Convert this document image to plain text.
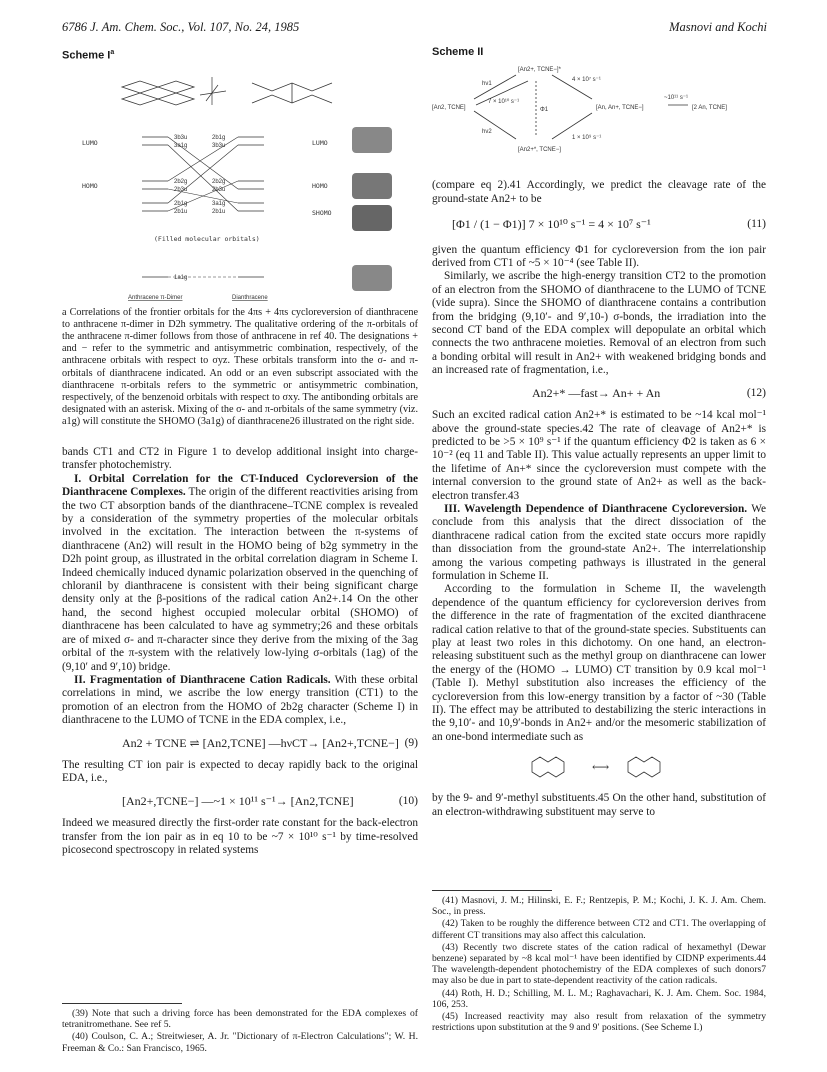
6786 J. Am. Chem. Soc., Vol. 107, No. 24, 1985	Masnovi and Kochi
Scheme $I^a$
LUMO
HOMO
LUMO
HOMO
SHOMO
3b3u
3a1g
2b2g
2b3u
2b1g
2b1u
2b1g
3b3u
2b2g
2b3u
3a1g
2b1u
1a1g
(Filled molecular orbitals)
Anthracene π-Dimer	Dianthracene
a Correlations of the frontier orbitals for the 4πs + 4πs cycloreversion of dianthracene to anthracene π-dimer in D2h symmetry. The qualitative ordering of the π-orbitals of the anthracene π-dimer follows from those of anthracene in ref 40. The designations + and − refer to the symmetric and antisymmetric combination, respectively, of the anthracene orbitals with respect to σyz. These orbitals transform into the σ- and π-orbitals of dianthracene indicated. An odd or an even subscript associated with the dianthracene π-orbitals refers to the symmetric or antisymmetric combination, respectively, of the benzenoid orbitals with respect to σxy. The antibonding orbitals are designated with an asterisk. Mixing of the σ- and π-orbitals of the same symmetry (viz. a1g) will constitute the SHOMO (3a1g) of dianthracene26 illustrated on the right side.

bands CT1 and CT2 in Figure 1 to develop additional insight into charge-transfer photochemistry.

I. Orbital Correlation for the CT-Induced Cycloreversion of the Dianthracene Complexes. The origin of the different reactivities arising from the two CT absorption bands of the dianthracene–TCNE complex is revealed by a consideration of the symmetry properties of the molecular orbitals involved in the excitation. The interaction between the π-systems of dianthracene (An2) will result in the HOMO being of b2g symmetry in the D2h point group, as illustrated in the orbital correlation diagram in Scheme I. Indeed chemically induced dynamic polarization observed in the quenching of chloranil by dianthracene is consistent with their being significant charge density only at the β-positions of the radical cation An2+.14 On the other hand, the second highest occupied molecular orbital (SHOMO) of dianthracene has been calculated to have ag symmetry;26 and these orbitals are of mixed σ- and π-character since they derive from the mixing of the 3ag orbital of the π-system with the relatively low-lying σ-orbitals (1ag) of the (9,10′ and 9′,10) bridge.

II. Fragmentation of Dianthracene Cation Radicals. With these orbital correlations in mind, we ascribe the low energy transition (CT1) to the promotion of an electron from the HOMO of 2b2g character (Scheme I) in dianthracene to the LUMO of TCNE in the EDA complex, i.e.,

An2 + TCNE ⇌ [An2,TCNE] —hνCT→ [An2+,TCNE−] (9)

The resulting CT ion pair is expected to decay rapidly back to the original EDA, i.e.,

[An2+,TCNE−] —~1 × 10¹¹ s⁻¹→ [An2,TCNE]	(10)

Indeed we measured directly the first-order rate constant for the back-electron transfer from the ion pair as in eq 10 to be ~7 × 10¹⁰ s⁻¹ by time-resolved picosecond spectroscopy in related systems

(39) Note that such a driving force has been demonstrated for the EDA complexes of tetranitromethane. See ref 5.

(40) Coulson, C. A.; Streitwieser, A. Jr. "Dictionary of π-Electron Calculations"; W. H. Freeman & Co.: San Francisco, 1965.

Scheme II
[An2+, TCNE−]*
[An2+*, TCNE−]
[An2, TCNE]	[An, An+, TCNE−]	[2 An, TCNE]
hν1
hν2
4 × 10⁷ s⁻¹
1 × 10⁹ s⁻¹
~10¹¹ s⁻¹
Φ1
7 × 10¹⁰ s⁻¹

(compare eq 2).41 Accordingly, we predict the cleavage rate of the ground-state An2+ to be

[Φ1 / (1 − Φ1)] 7 × 10¹⁰ s⁻¹ = 4 × 10⁷ s⁻¹	(11)

given the quantum efficiency Φ1 for cycloreversion from the ion pair derived from CT1 of ~5 × 10⁻⁴ (see Table II).

Similarly, we ascribe the high-energy transition CT2 to the promotion of an electron from the SHOMO of dianthracene to the LUMO of TCNE (vide supra). Since the SHOMO of dianthracene contains a contribution from the bridging (9,10′- and 9′,10-) σ-bonds, the irradiation into the second CT band of the EDA complex will depopulate an orbital which connects the two anthracene moieties. Removal of an electron from such a bonding orbital will result in An2+ with weakened bridging bonds and an increased rate of fragmentation, i.e.,

An2+* —fast→ An+ + An	(12)

Such an excited radical cation An2+* is estimated to be ~14 kcal mol⁻¹ above the ground-state species.42 The rate of cleavage of An2+* is predicted to be >5 × 10⁹ s⁻¹ if the quantum efficiency Φ2 is taken as 6 × 10⁻² (eq 11 and Table II). This value actually represents an upper limit to the lifetime of An+* since the cycloreversion must compete with the internal conversion to the ground state of An2+ as well as the back-electron transfer.43

III. Wavelength Dependence of Dianthracene Cycloreversion. We conclude from this analysis that the direct dissociation of the dianthracene radical cation from the excited state occurs more rapidly than dissociation from the ground-state An2+. The interrelationship among the various competing pathways is illustrated in the general formulation in Scheme II.

According to the formulation in Scheme II, the wavelength dependence of the quantum efficiency for cycloreversion derives from the difference in the rate of fragmentation of the excited dianthracene radical cation relative to that of the ground-state species. Substituents can play at least two roles in this dichotomy. On one hand, an electron-releasing substituent such as the methyl group on dianthracene can lower the energy of the (HOMO → LUMO) CT transition by 0.9 kcal mol⁻¹ (Table I). Methyl substitution also increases the efficiency of the cycloreversion from this low-energy transition by a factor of ~30 (Table II). The effect may be attributed to destabilizing the steric interactions in the 9,10′- and 10,9′-bonds in An2+ and/or the mesomeric stabilization of an one-bond intermediate such as

⟷

by the 9- and 9′-methyl substituents.45 On the other hand, substitution of an electron-withdrawing substituent may serve to

(41) Masnovi, J. M.; Hilinski, E. F.; Rentzepis, P. M.; Kochi, J. K. J. Am. Chem. Soc., in press.

(42) Taken to be roughly the difference between CT2 and CT1. The overlapping of different CT transitions may also affect this calculation.

(43) Recently two discrete states of the cation radical of hexamethyl (Dewar benzene) separated by ~8 kcal mol⁻¹ have been identified by CIDNP experiments.44 The wavelength-dependent photochemistry of the EDA complexes of such donors7 may also be due in part to state-dependent reactivity of the cation radicals.

(44) Roth, H. D.; Schilling, M. L. M.; Raghavachari, K. J. Am. Chem. Soc. 1984, 106, 253.

(45) Increased reactivity may also result from relaxation of the symmetry restrictions upon substitution at the 9 and 9′ positions. (See Scheme I.)
